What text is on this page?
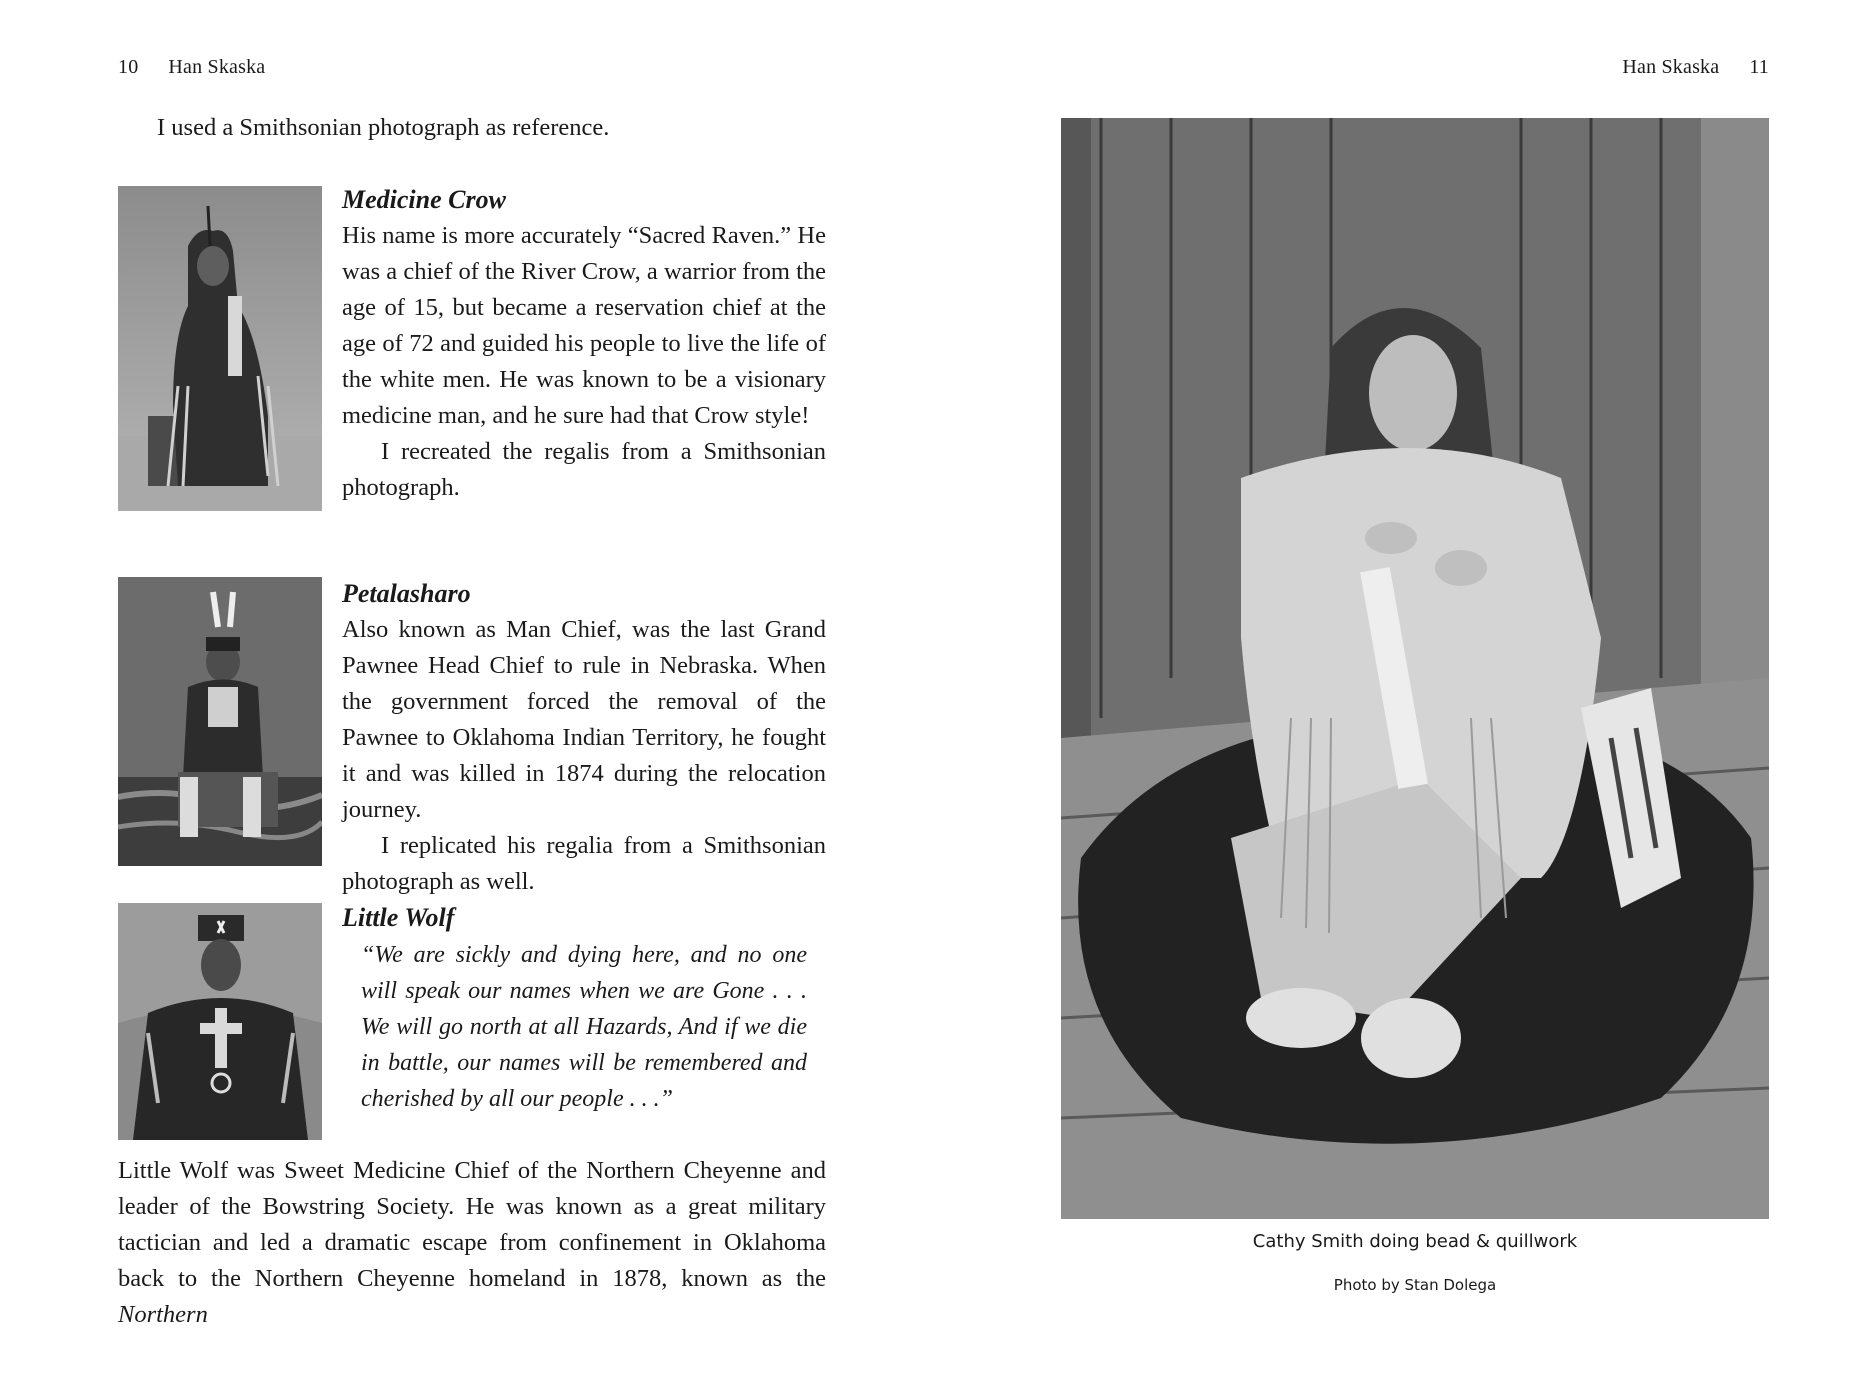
10 Han Skaska
I used a Smithsonian photograph as reference.
Medicine Crow
His name is more accurately “Sacred Raven.” He was a chief of the River Crow, a warrior from the age of 15, but became a reservation chief at the age of 72 and guided his people to live the life of the white men. He was known to be a visionary medicine man, and he sure had that Crow style!
I recreated the regalis from a Smithsonian photograph.
Petalasharo
Also known as Man Chief, was the last Grand Pawnee Head Chief to rule in Nebraska. When the government forced the removal of the Pawnee to Oklahoma Indian Territory, he fought it and was killed in 1874 during the relocation journey.
I replicated his regalia from a Smithsonian photograph as well.
Little Wolf
“We are sickly and dying here, and no one will speak our names when we are Gone . . . We will go north at all Hazards, And if we die in battle, our names will be remembered and cherished by all our people . . .”
Little Wolf was Sweet Medicine Chief of the Northern Cheyenne and leader of the Bowstring Society. He was known as a great military tactician and led a dramatic escape from confinement in Oklahoma back to the Northern Cheyenne homeland in 1878, known as the Northern
Han Skaska 11
Cathy Smith doing bead & quillwork
Photo by Stan Dolega
